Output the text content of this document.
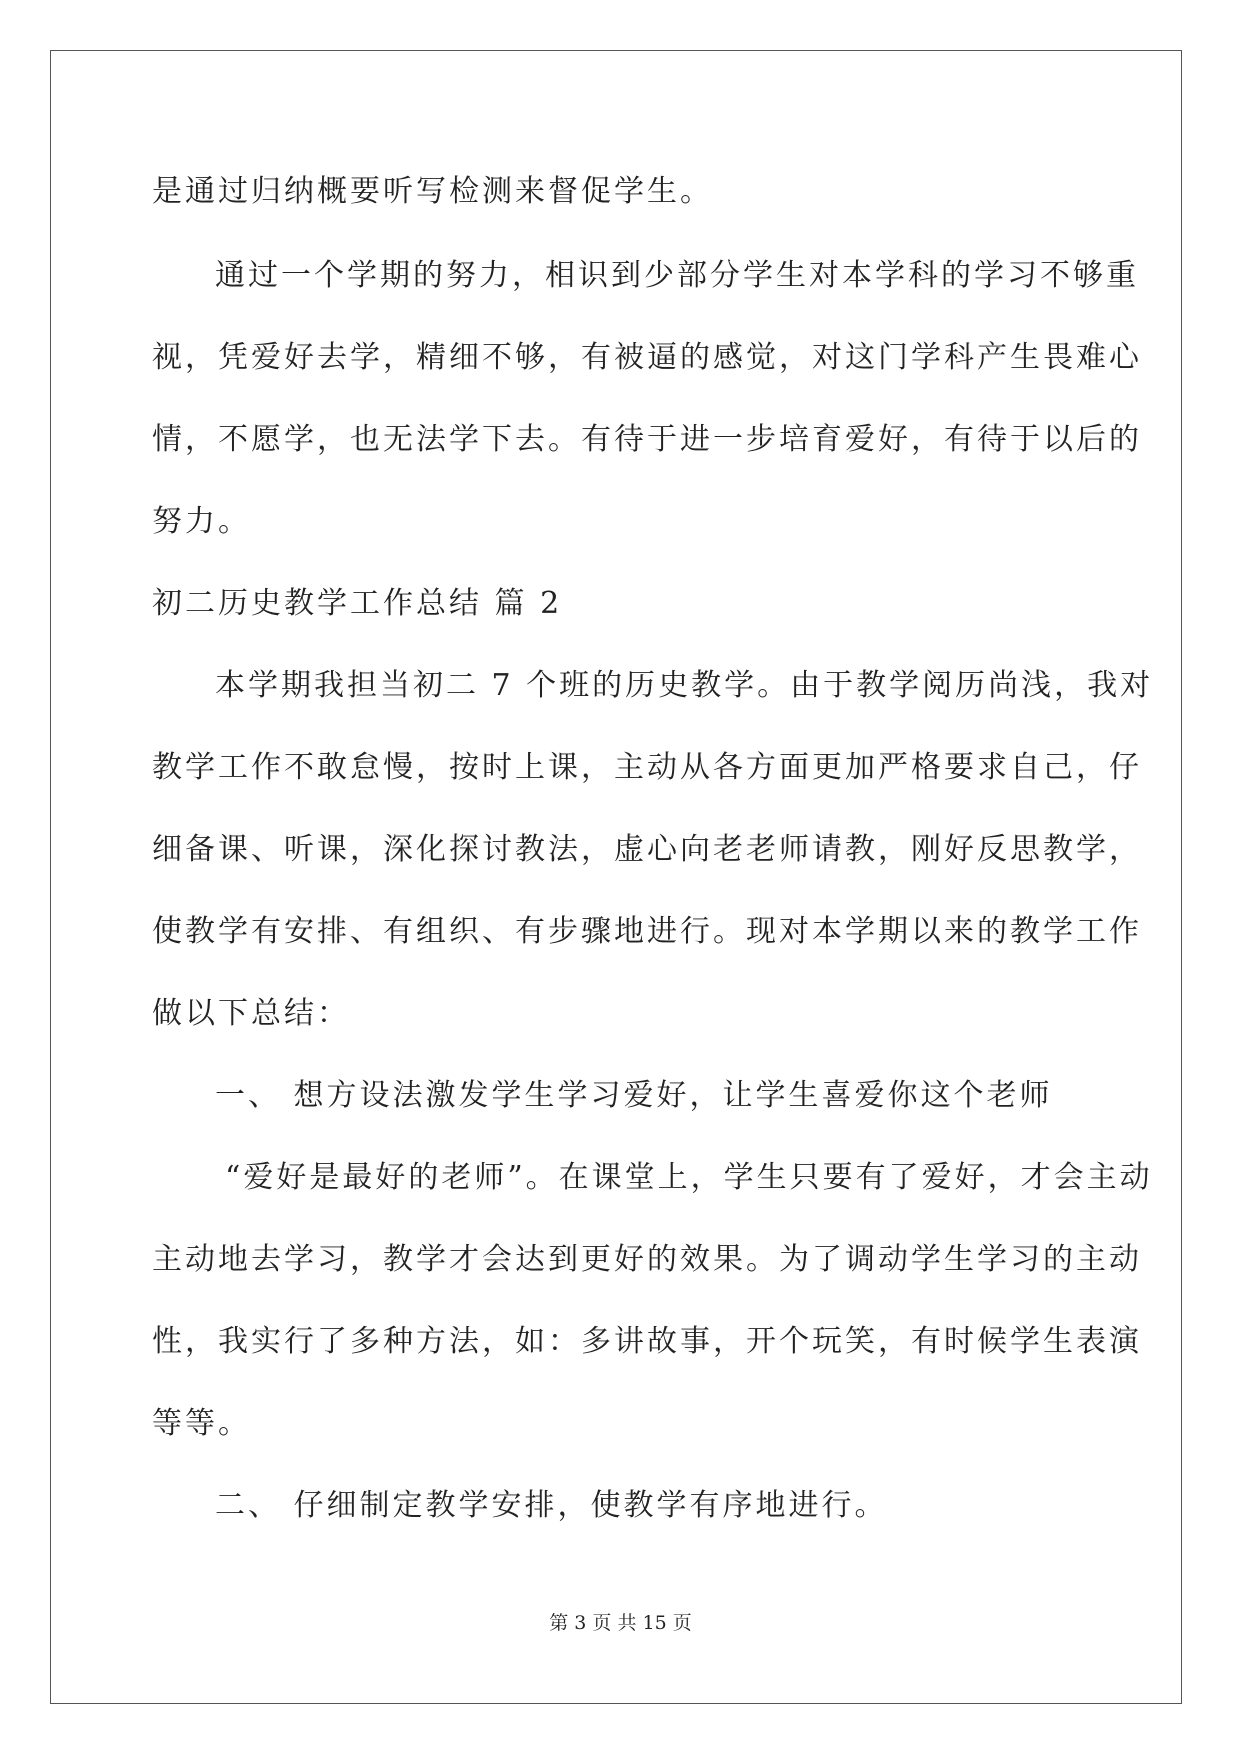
是通过归纳概要听写检测来督促学生。
通过一个学期的努力，相识到少部分学生对本学科的学习不够重
视，凭爱好去学，精细不够，有被逼的感觉，对这门学科产生畏难心
情，不愿学，也无法学下去。有待于进一步培育爱好，有待于以后的
努力。
初二历史教学工作总结 篇 2
本学期我担当初二 7 个班的历史教学。由于教学阅历尚浅，我对
教学工作不敢怠慢，按时上课，主动从各方面更加严格要求自己，仔
细备课、听课，深化探讨教法，虚心向老老师请教，刚好反思教学，
使教学有安排、有组织、有步骤地进行。现对本学期以来的教学工作
做以下总结：
一、 想方设法激发学生学习爱好，让学生喜爱你这个老师
“爱好是最好的老师”。在课堂上，学生只要有了爱好，才会主动
主动地去学习，教学才会达到更好的效果。为了调动学生学习的主动
性，我实行了多种方法，如：多讲故事，开个玩笑，有时候学生表演
等等。
二、 仔细制定教学安排，使教学有序地进行。
第 3 页 共 15 页
